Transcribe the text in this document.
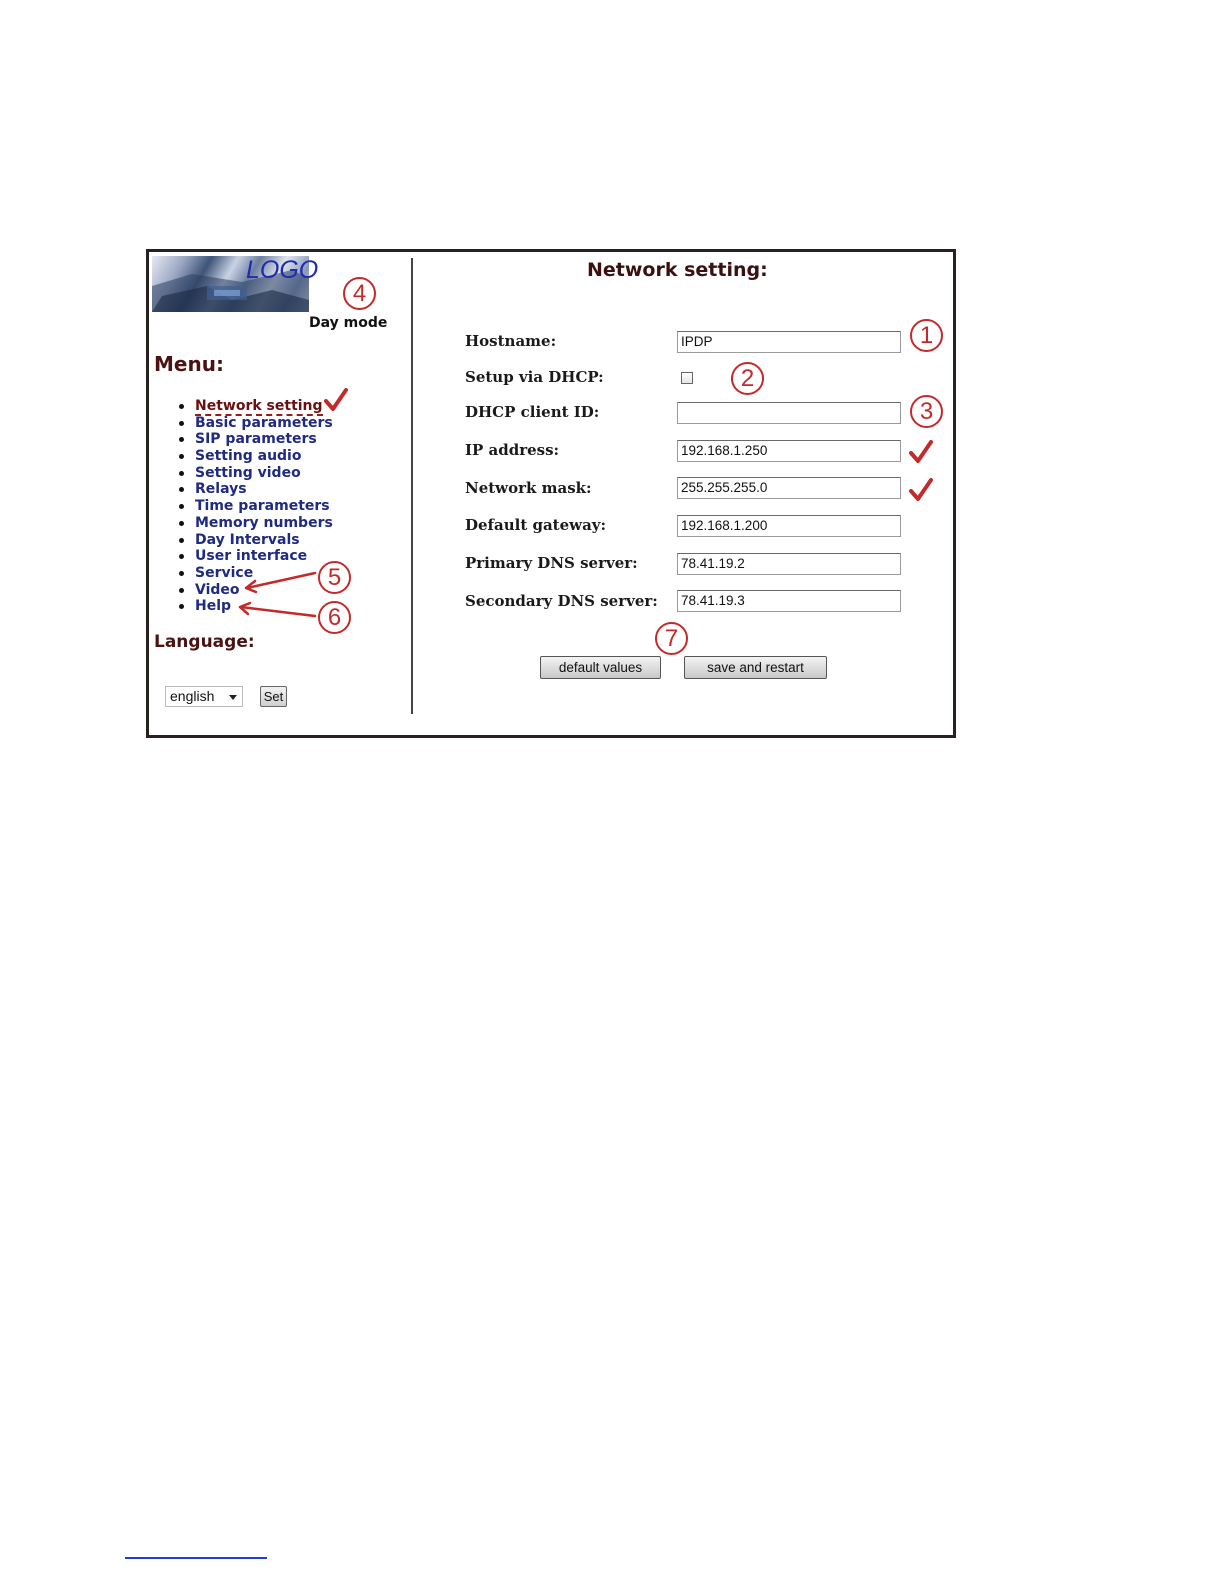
LOGO
Day mode
Menu:
Network setting
Basic parameters
SIP parameters
Setting audio
Setting video
Relays
Time parameters
Memory numbers
Day Intervals
User interface
Service
Video
Help
Language:
english	Set
Network setting:
Hostname:	IPDP
Setup via DHCP:
DHCP client ID:
IP address:	192.168.1.250
Network mask:	255.255.255.0
Default gateway:	192.168.1.200
Primary DNS server:	78.41.19.2
Secondary DNS server: 78.41.19.3
default values	save and restart
4
1
2
3
5
6
7
